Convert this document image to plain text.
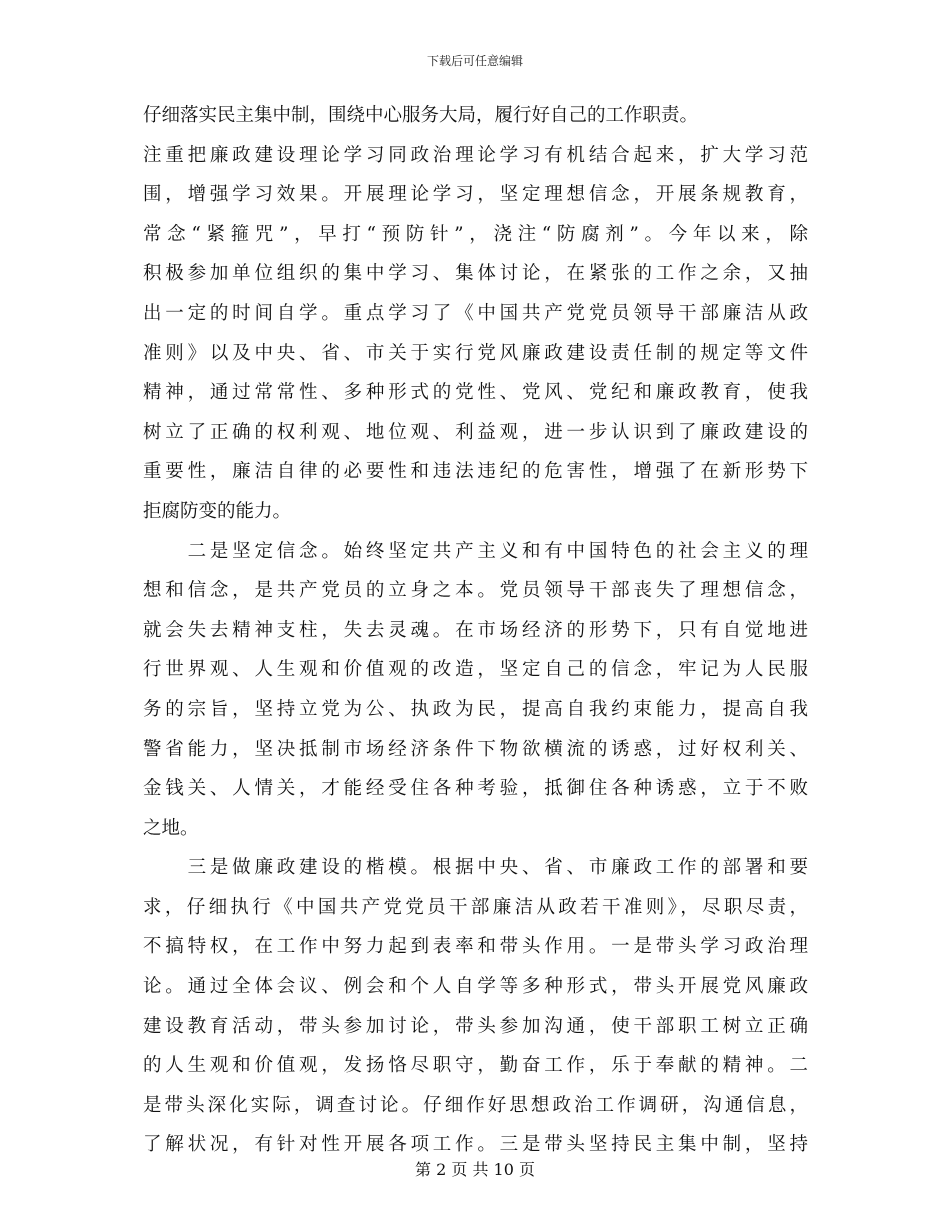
下载后可任意编辑
仔细落实民主集中制，围绕中心服务大局，履行好自己的工作职责。
注重把廉政建设理论学习同政治理论学习有机结合起来，扩大学习范
围，增强学习效果。开展理论学习，坚定理想信念，开展条规教育，
常念“紧箍咒”，早打“预防针”，浇注“防腐剂”。今年以来，除
积极参加单位组织的集中学习、集体讨论，在紧张的工作之余，又抽
出一定的时间自学。重点学习了《中国共产党党员领导干部廉洁从政
准则》以及中央、省、市关于实行党风廉政建设责任制的规定等文件
精神，通过常常性、多种形式的党性、党风、党纪和廉政教育，使我
树立了正确的权利观、地位观、利益观，进一步认识到了廉政建设的
重要性，廉洁自律的必要性和违法违纪的危害性，增强了在新形势下
拒腐防变的能力。
　　二是坚定信念。始终坚定共产主义和有中国特色的社会主义的理
想和信念，是共产党员的立身之本。党员领导干部丧失了理想信念，
就会失去精神支柱，失去灵魂。在市场经济的形势下，只有自觉地进
行世界观、人生观和价值观的改造，坚定自己的信念，牢记为人民服
务的宗旨，坚持立党为公、执政为民，提高自我约束能力，提高自我
警省能力，坚决抵制市场经济条件下物欲横流的诱惑，过好权利关、
金钱关、人情关，才能经受住各种考验，抵御住各种诱惑，立于不败
之地。
　　三是做廉政建设的楷模。根据中央、省、市廉政工作的部署和要
求，仔细执行《中国共产党党员干部廉洁从政若干准则》，尽职尽责，
不搞特权，在工作中努力起到表率和带头作用。一是带头学习政治理
论。通过全体会议、例会和个人自学等多种形式，带头开展党风廉政
建设教育活动，带头参加讨论，带头参加沟通，使干部职工树立正确
的人生观和价值观，发扬恪尽职守，勤奋工作，乐于奉献的精神。二
是带头深化实际，调查讨论。仔细作好思想政治工作调研，沟通信息，
了解状况，有针对性开展各项工作。三是带头坚持民主集中制，坚持
第 2 页 共 10 页
